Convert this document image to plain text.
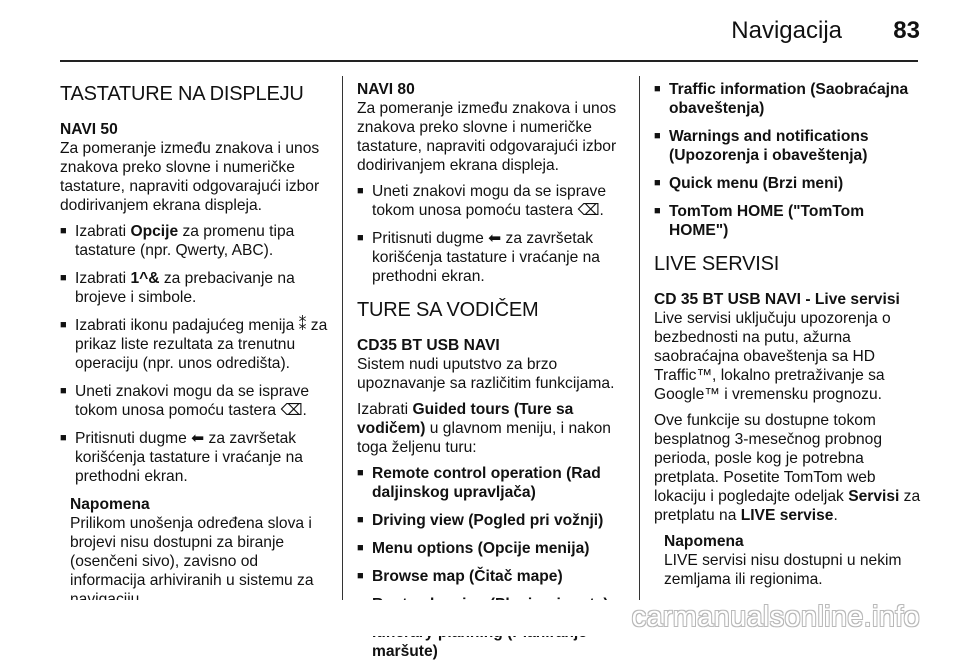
Navigacija 83
TASTATURE NA DISPLEJU

NAVI 50

Za pomeranje između znakova i unos znakova preko slovne i numeričke tastature, napraviti odgovarajući izbor dodirivanjem ekrana displeja.

■ Izabrati Opcije za promenu tipa tastature (npr. Qwerty, ABC).
■ Izabrati 1^& za prebacivanje na brojeve i simbole.
■ Izabrati ikonu padajućeg menija ⁑ za prikaz liste rezultata za trenutnu operaciju (npr. unos odredišta).
■ Uneti znakovi mogu da se isprave tokom unosa pomoću tastera ⌫.
■ Pritisnuti dugme ⬅ za završetak korišćenja tastature i vraćanje na prethodni ekran.
Napomena
Prilikom unošenja određena slova i brojevi nisu dostupni za biranje (osenčeni sivo), zavisno od informacija arhiviranih u sistemu za

NAVI 80

Za pomeranje između znakova i unos znakova preko slovne i numeričke tastature, napraviti odgovarajući izbor dodirivanjem ekrana displeja.

■ Uneti znakovi mogu da se isprave tokom unosa pomoću tastera ⌫.
■ Pritisnuti dugme ⬅ za završetak korišćenja tastature i vraćanje na prethodni ekran.
TURE SA VODIČEM

CD35 BT USB NAVI

Sistem nudi uputstvo za brzo upoznavanje sa različitim funkcijama.

Izabrati Guided tours (Ture sa vodičem) u glavnom meniju, i nakon toga željenu turu:

■ Remote control operation (Rad daljinskog upravljača)
■ Driving view (Pogled pri vožnji)
■ Menu options (Opcije menija)
■ Browse map (Čitač mape)
■
■ maršute)
■ Traffic information (Saobraćajna obaveštenja)
■ Warnings and notifications (Upozorenja i obaveštenja)
■ Quick menu (Brzi meni)
■ TomTom HOME ("TomTom HOME")
LIVE SERVISI

CD 35 BT USB NAVI - Live servisi

Live servisi uključuju upozorenja o bezbednosti na putu, ažurna saobraćajna obaveštenja sa HD Traffic™, lokalno pretraživanje sa Google™ i vremensku prognozu.

Ove funkcije su dostupne tokom besplatnog 3-mesečnog probnog perioda, posle kog je potrebna pretplata. Posetite TomTom web lokaciju i pogledajte odeljak Servisi za pretplatu na LIVE servise.

Napomena
LIVE servisi nisu dostupni u nekim zemljama ili regionima.
carmanualsonline.info
